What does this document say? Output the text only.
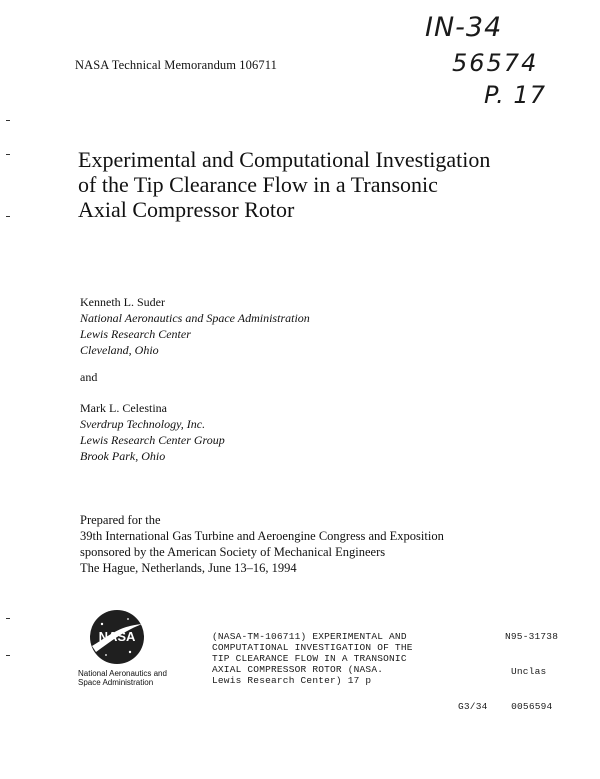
NASA Technical Memorandum 106711
IN-34
56574
P. 17
Experimental and Computational Investigation
of the Tip Clearance Flow in a Transonic
Axial Compressor Rotor
Kenneth L. Suder
National Aeronautics and Space Administration
Lewis Research Center
Cleveland, Ohio
and
Mark L. Celestina
Sverdrup Technology, Inc.
Lewis Research Center Group
Brook Park, Ohio
Prepared for the
39th International Gas Turbine and Aeroengine Congress and Exposition
sponsored by the American Society of Mechanical Engineers
The Hague, Netherlands, June 13–16, 1994
NASA
National Aeronautics and
Space Administration
(NASA-TM-106711) EXPERIMENTAL AND
COMPUTATIONAL INVESTIGATION OF THE
TIP CLEARANCE FLOW IN A TRANSONIC
AXIAL COMPRESSOR ROTOR (NASA.
Lewis Research Center) 17 p
N95-31738
Unclas
G3/34 0056594
